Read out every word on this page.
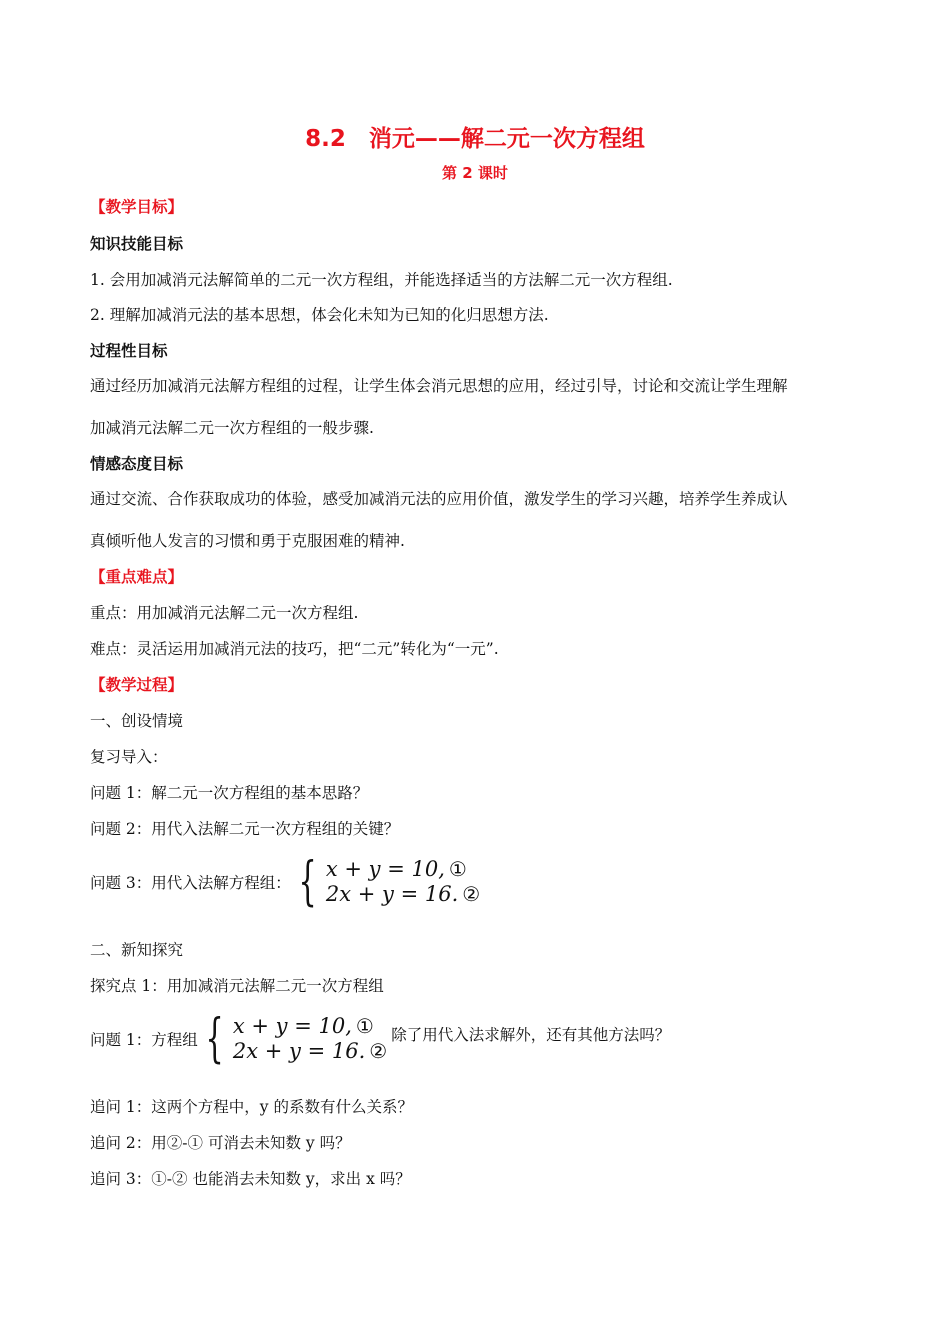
8.2　消元——解二元一次方程组
第 2 课时
【教学目标】
知识技能目标
1. 会用加减消元法解简单的二元一次方程组，并能选择适当的方法解二元一次方程组.
2. 理解加减消元法的基本思想，体会化未知为已知的化归思想方法.
过程性目标
通过经历加减消元法解方程组的过程，让学生体会消元思想的应用，经过引导，讨论和交流让学生理解
加减消元法解二元一次方程组的一般步骤.
情感态度目标
通过交流、合作获取成功的体验，感受加减消元法的应用价值，激发学生的学习兴趣，培养学生养成认
真倾听他人发言的习惯和勇于克服困难的精神.
【重点难点】
重点：用加减消元法解二元一次方程组.
难点：灵活运用加减消元法的技巧，把“二元”转化为“一元”.
【教学过程】
一、创设情境
复习导入：
问题 1：解二元一次方程组的基本思路？
问题 2：用代入法解二元一次方程组的关键？
问题 3：用代入法解方程组： { x + y = 10, ①
2x + y = 16. ②
二、新知探究
探究点 1：用加减消元法解二元一次方程组
问题 1：方程组 { x + y = 10, ①
2x + y = 16. ②
除了用代入法求解外，还有其他方法吗？
追问 1：这两个方程中，y 的系数有什么关系？
追问 2：用②-① 可消去未知数 y 吗？
追问 3：①-② 也能消去未知数 y，求出 x 吗？
